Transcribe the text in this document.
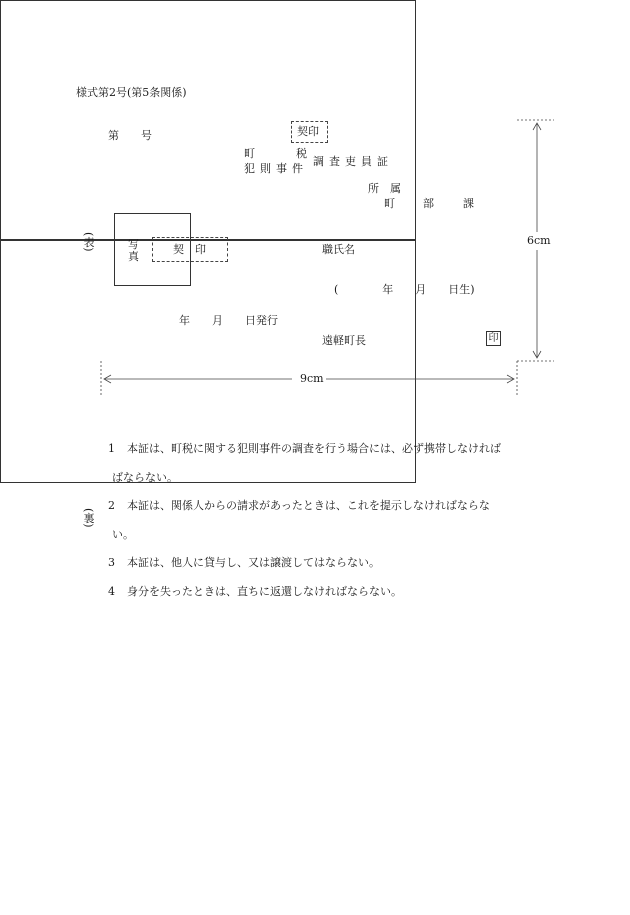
様式第2号(第5条関係)
第　　号	契印
町	税
犯則事件
調査吏員証
所　属
町	部	課
写
真
契　印	職氏名
(　　　　年　　月　　日生)
年　　月　　日発行
遠軽町長	印
(表)	6cm
9cm
(裏)
1 本証は、町税に関する犯則事件の調査を行う場合には、必ず携帯しなければ
ばならない。
2 本証は、関係人からの請求があったときは、これを提示しなければならな
い。
3 本証は、他人に貸与し、又は譲渡してはならない。
4 身分を失ったときは、直ちに返還しなければならない。
